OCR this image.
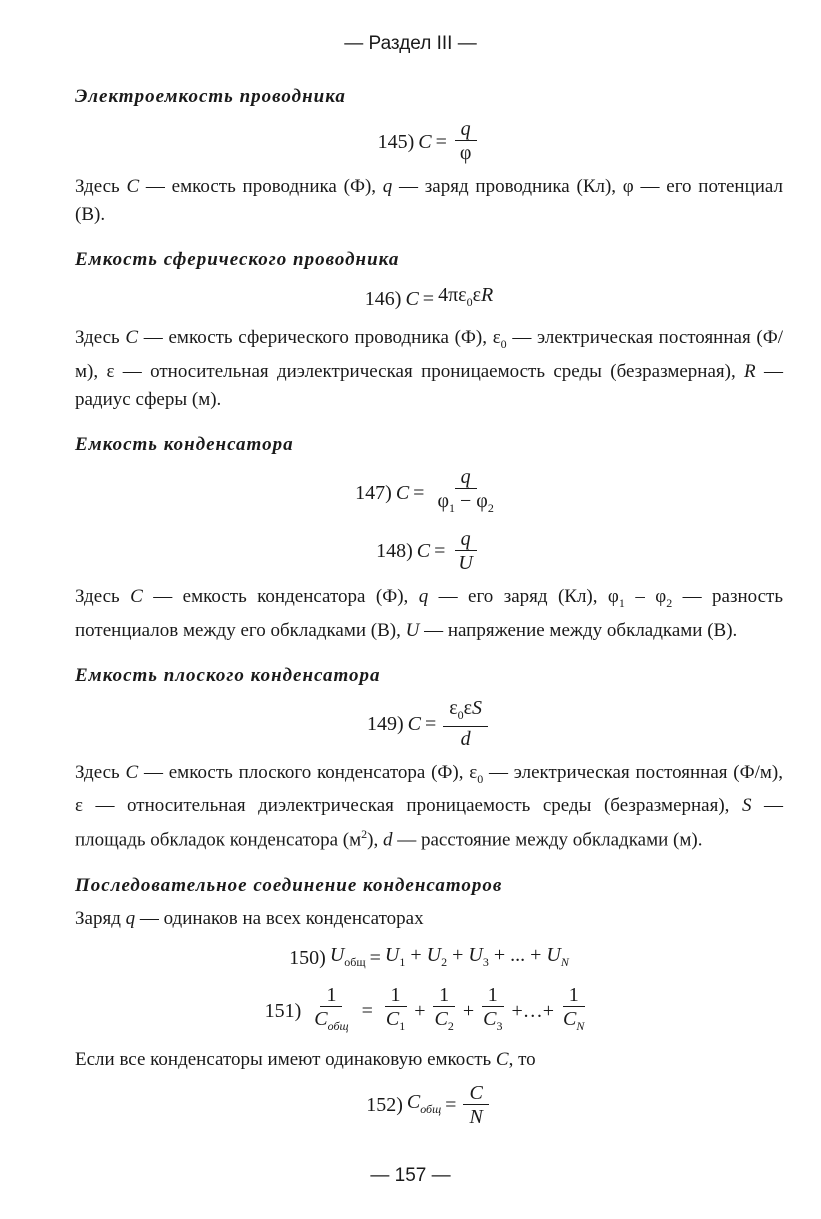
— Раздел III —
Электроемкость проводника
145) $C = \frac{q}{\varphi}$

Здесь C — емкость проводника (Ф), q — заряд проводника (Кл), φ — его потенциал (В).

Емкость сферического проводника
146) $C = 4\pi\varepsilon_0\varepsilon R$

Здесь C — емкость сферического проводника (Ф), $\varepsilon_0$ — электрическая постоянная (Ф/м), ε — относительная диэлектрическая проницаемость среды (безразмерная), R — радиус сферы (м).

Емкость конденсатора
147) $C = \frac{q}{\varphi_1 - \varphi_2}$
148) $C = \frac{q}{U}$

Здесь C — емкость конденсатора (Ф), q — его заряд (Кл), $\varphi_1 - \varphi_2$ — разность потенциалов между его обкладками (В), U — напряжение между обкладками (В).

Емкость плоского конденсатора
149) $C = \frac{\varepsilon_0\varepsilon S}{d}$

Здесь C — емкость плоского конденсатора (Ф), $\varepsilon_0$ — электрическая постоянная (Ф/м), ε — относительная диэлектрическая проницаемость среды (безразмерная), S — площадь обкладок конденсатора $(м^2)$, d — расстояние между обкладками (м).

Последовательное соединение конденсаторов

Заряд q — одинаков на всех конденсаторах

150) $U_{общ} = U_1 + U_2 + U_3$ + ... + $U_N$
$151) \frac{1}{C_{общ}} = \frac{1}{C_1} + \frac{1}{C_2} + \frac{1}{C_3}$ +…+ $\frac{1}{C_N}$

Если все конденсаторы имеют одинаковую емкость C, то

152) $C_{общ} = \frac{C}{N}$
— 157 —
